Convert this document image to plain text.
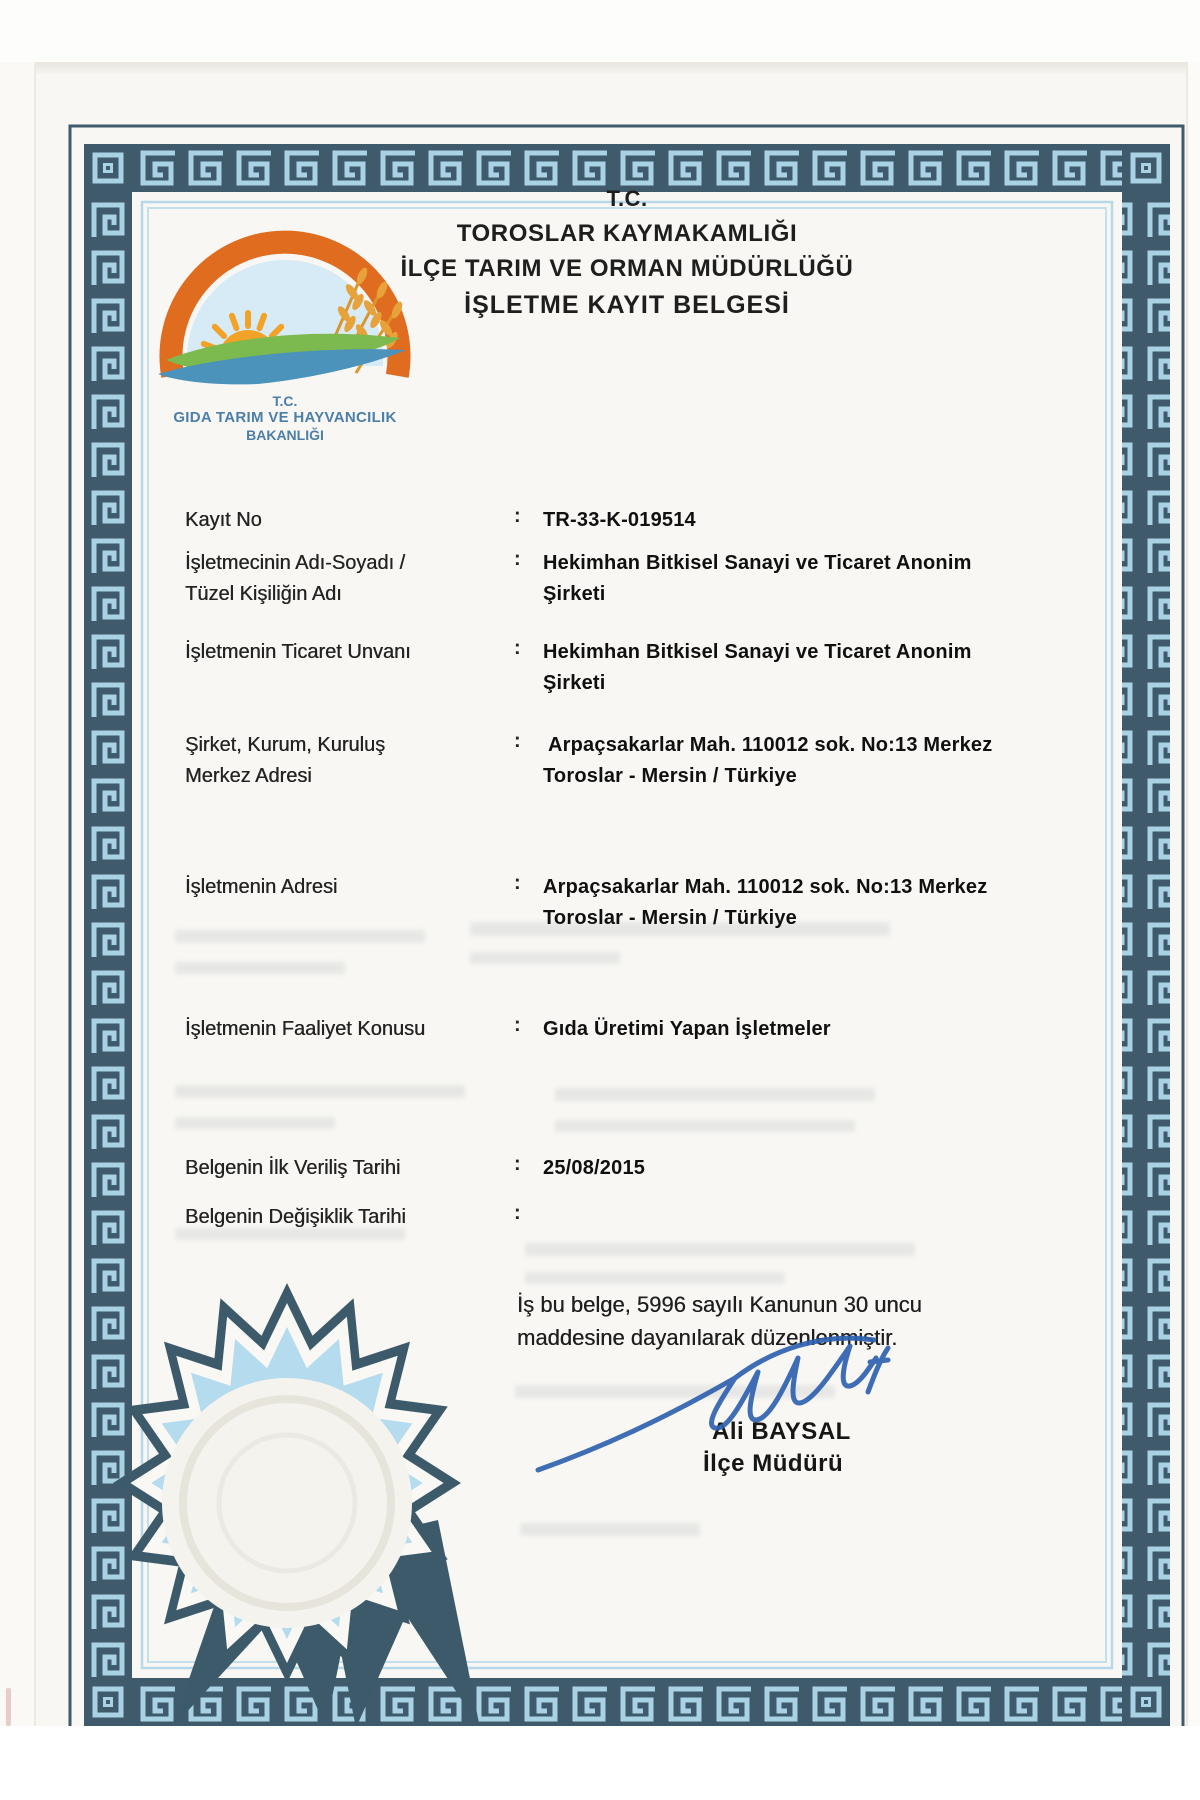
T.C.
GIDA TARIM VE HAYVANCILIK
BAKANLIĞI
T.C.
TOROSLAR KAYMAKAMLIĞI
İLÇE TARIM VE ORMAN MÜDÜRLÜĞÜ
İŞLETME KAYIT BELGESİ
Kayıt No	: TR-33-K-019514
İşletmecinin Adı-Soyadı /
Tüzel Kişiliğin Adı
: Hekimhan Bitkisel Sanayi ve Ticaret Anonim
Şirketi
İşletmenin Ticaret Unvanı	: Hekimhan Bitkisel Sanayi ve Ticaret Anonim
Şirketi
Şirket, Kurum, Kuruluş
Merkez Adresi
: Arpaçsakarlar Mah. 110012 sok. No:13 Merkez
Toroslar - Mersin / Türkiye
İşletmenin Adresi	: Arpaçsakarlar Mah. 110012 sok. No:13 Merkez
Toroslar - Mersin / Türkiye
İşletmenin Faaliyet Konusu	: Gıda Üretimi Yapan İşletmeler
Belgenin İlk Veriliş Tarihi	: 25/08/2015
Belgenin Değişiklik Tarihi	:
İş bu belge, 5996 sayılı Kanunun 30 uncu
maddesine dayanılarak düzenlenmiştir.
Ali BAYSAL
İlçe Müdürü
